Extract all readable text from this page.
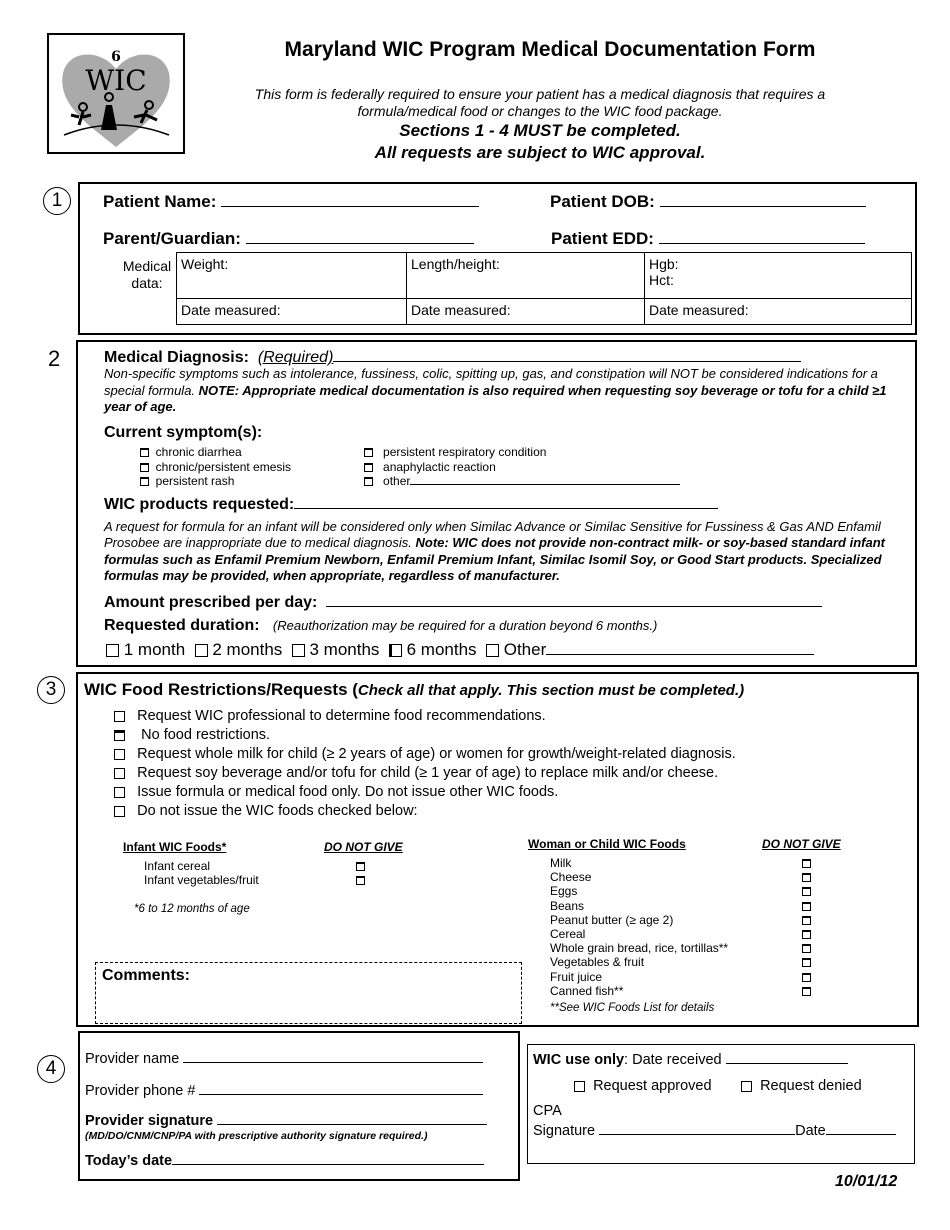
6
WIC
Maryland WIC Program Medical Documentation Form
This form is federally required to ensure your patient has a medical diagnosis that requires a formula/medical food or changes to the WIC food package.
Sections 1 - 4 MUST be completed.
All requests are subject to WIC approval.
1
2
3
4
Patient Name:	Patient DOB:
Parent/Guardian:	Patient EDD:
Medical data:
Weight:	Length/height:	Hgb:
Hct:

Date measured:	Date measured:	Date measured:
Medical Diagnosis: (Required)
Non-specific symptoms such as intolerance, fussiness, colic, spitting up, gas, and constipation will NOT be considered indications for a special formula. NOTE: Appropriate medical documentation is also required when requesting soy beverage or tofu for a child ≥1 year of age.
Current symptom(s):
chronic diarrhea
chronic/persistent emesis
persistent rash
persistent respiratory condition
anaphylactic reaction
other
WIC products requested:
A request for formula for an infant will be considered only when Similac Advance or Similac Sensitive for Fussiness & Gas AND Enfamil Prosobee are inappropriate due to medical diagnosis. Note: WIC does not provide non-contract milk- or soy-based standard infant formulas such as Enfamil Premium Newborn, Enfamil Premium Infant, Similac Isomil Soy, or Good Start products. Specialized formulas may be provided, when appropriate, regardless of manufacturer.
Amount prescribed per day:
Requested duration: (Reauthorization may be required for a duration beyond 6 months.)
1 month 2 months 3 months 6 months Other
WIC Food Restrictions/Requests (Check all that apply. This section must be completed.)
Request WIC professional to determine food recommendations.
No food restrictions.
Request whole milk for child (≥ 2 years of age) or women for growth/weight-related diagnosis.
Request soy beverage and/or tofu for child (≥ 1 year of age) to replace milk and/or cheese.
Issue formula or medical food only. Do not issue other WIC foods.
Do not issue the WIC foods checked below:
Infant WIC Foods*	DO NOT GIVE
Infant cereal
Infant vegetables/fruit
*6 to 12 months of age
Woman or Child WIC Foods	DO NOT GIVE
Milk
Cheese
Eggs
Beans
Peanut butter (≥ age 2)
Cereal
Whole grain bread, rice, tortillas**
Vegetables & fruit
Fruit juice
Canned fish**
**See WIC Foods List for details
Comments:
Provider name
Provider phone #
Provider signature
(MD/DO/CNM/CNP/PA with prescriptive authority signature required.)
Today’s date
WIC use only: Date received
Request approved	Request denied
CPA
Signature	Date
10/01/12
